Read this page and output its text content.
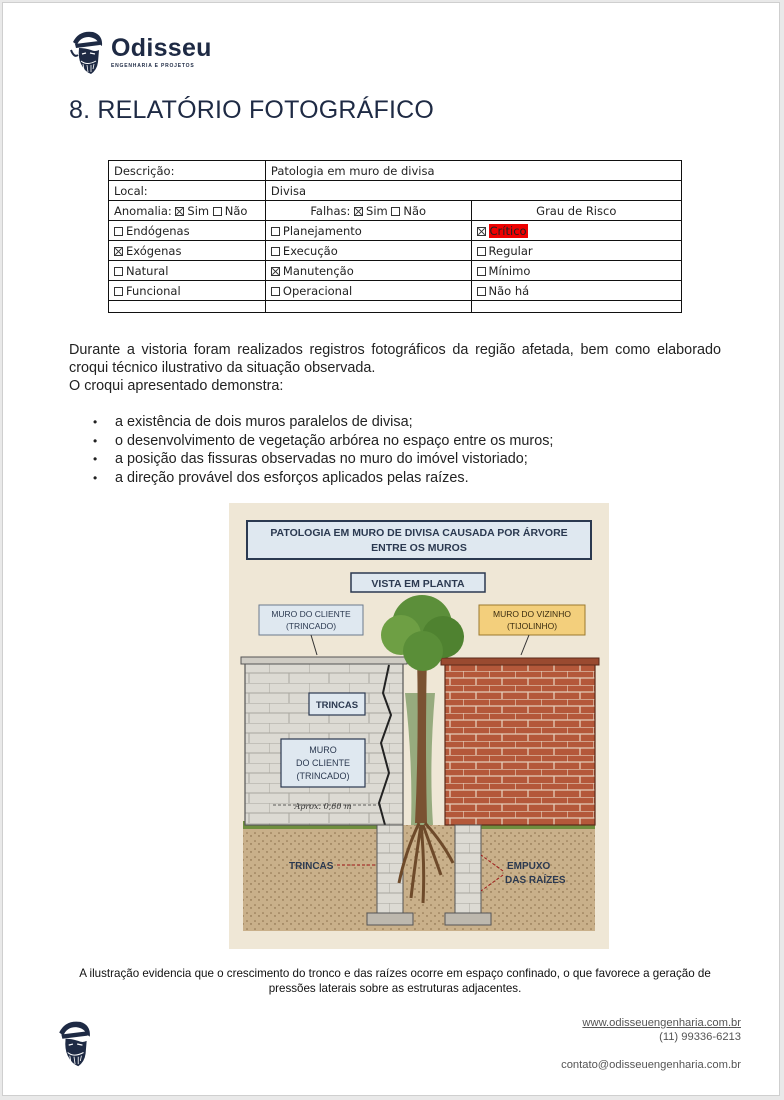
Odisseu
ENGENHARIA E PROJETOS
8. RELATÓRIO FOTOGRÁFICO
Descrição:	Patologia em muro de divisa	
Local:	Divisa	
Anomalia: Sim Não	Falhas: Sim Não	Grau de Risco
Endógenas	Planejamento	Crítico
Exógenas	Execução	Regular
Natural	Manutenção	Mínimo
Funcional	Operacional	Não há

Durante a vistoria foram realizados registros fotográficos da região afetada, bem como elaborado croqui técnico ilustrativo da situação observada.

O croqui apresentado demonstra:

• a existência de dois muros paralelos de divisa;
• o desenvolvimento de vegetação arbórea no espaço entre os muros;
• a posição das fissuras observadas no muro do imóvel vistoriado;
• a direção provável dos esforços aplicados pelas raízes.
PATOLOGIA EM MURO DE DIVISA CAUSADA POR ÁRVORE
ENTRE OS MUROS
VISTA EM PLANTA
MURO DO CLIENTE
(TRINCADO)
MURO DO VIZINHO
(TIJOLINHO)
TRINCAS
MURO
DO CLIENTE
(TRINCADO)
Aprox. 0,60 m
TRINCAS	EMPUXO
DAS RAÍZES
A ilustração evidencia que o crescimento do tronco e das raízes ocorre em espaço confinado, o que favorece a geração de pressões laterais sobre as estruturas adjacentes.
www.odisseuengenharia.com.br
(11) 99336-6213
contato@odisseuengenharia.com.br
